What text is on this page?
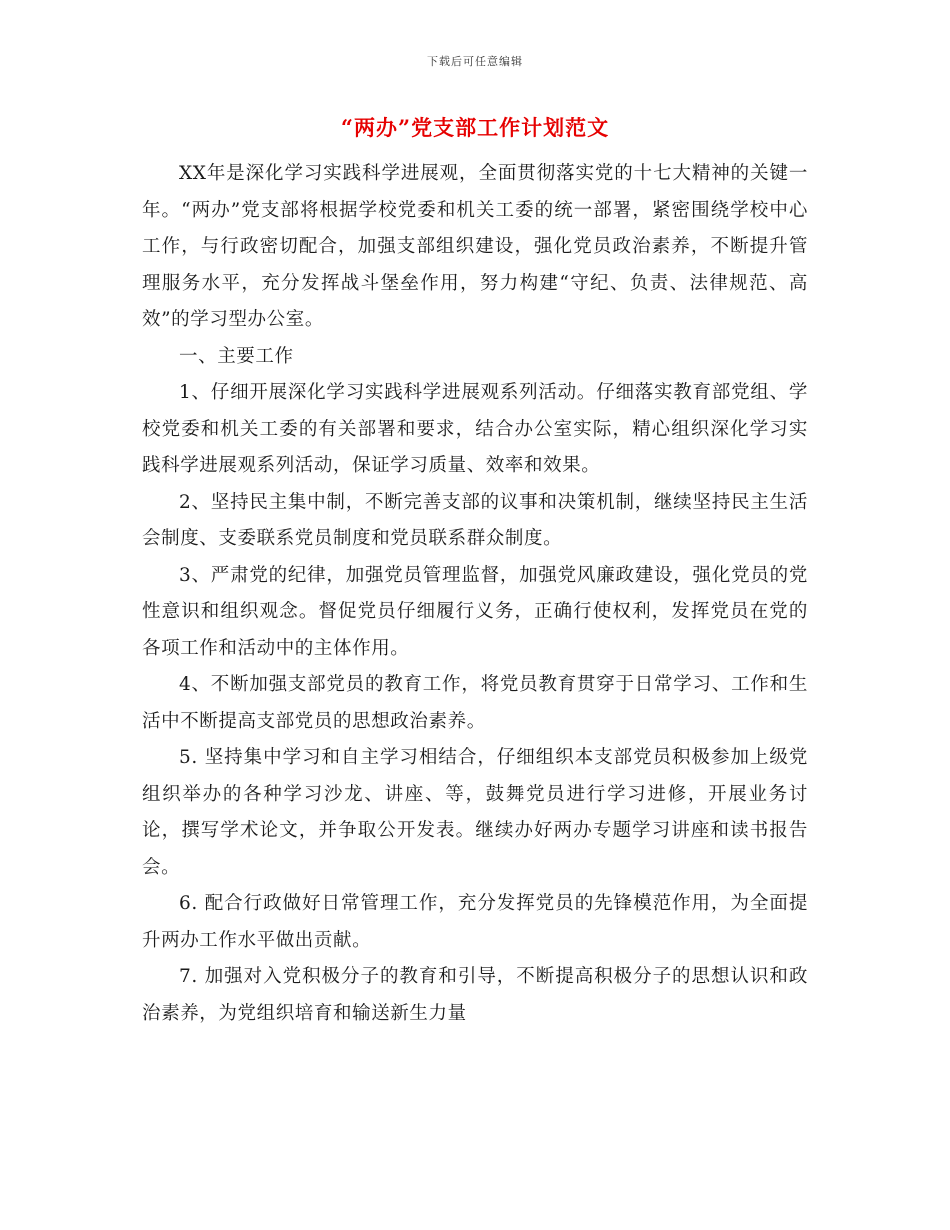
下载后可任意编辑
“两办”党支部工作计划范文

XX年是深化学习实践科学进展观，全面贯彻落实党的十七大精神的关键一年。“两办”党支部将根据学校党委和机关工委的统一部署，紧密围绕学校中心工作，与行政密切配合，加强支部组织建设，强化党员政治素养，不断提升管理服务水平，充分发挥战斗堡垒作用，努力构建“守纪、负责、法律规范、高效”的学习型办公室。

一、主要工作

1、仔细开展深化学习实践科学进展观系列活动。仔细落实教育部党组、学校党委和机关工委的有关部署和要求，结合办公室实际，精心组织深化学习实践科学进展观系列活动，保证学习质量、效率和效果。

2、坚持民主集中制，不断完善支部的议事和决策机制，继续坚持民主生活会制度、支委联系党员制度和党员联系群众制度。

3、严肃党的纪律，加强党员管理监督，加强党风廉政建设，强化党员的党性意识和组织观念。督促党员仔细履行义务，正确行使权利，发挥党员在党的各项工作和活动中的主体作用。

4、不断加强支部党员的教育工作，将党员教育贯穿于日常学习、工作和生活中不断提高支部党员的思想政治素养。

5. 坚持集中学习和自主学习相结合，仔细组织本支部党员积极参加上级党组织举办的各种学习沙龙、讲座、等，鼓舞党员进行学习进修，开展业务讨论，撰写学术论文，并争取公开发表。继续办好两办专题学习讲座和读书报告会。

6. 配合行政做好日常管理工作，充分发挥党员的先锋模范作用，为全面提升两办工作水平做出贡献。

7. 加强对入党积极分子的教育和引导，不断提高积极分子的思想认识和政治素养，为党组织培育和输送新生力量
